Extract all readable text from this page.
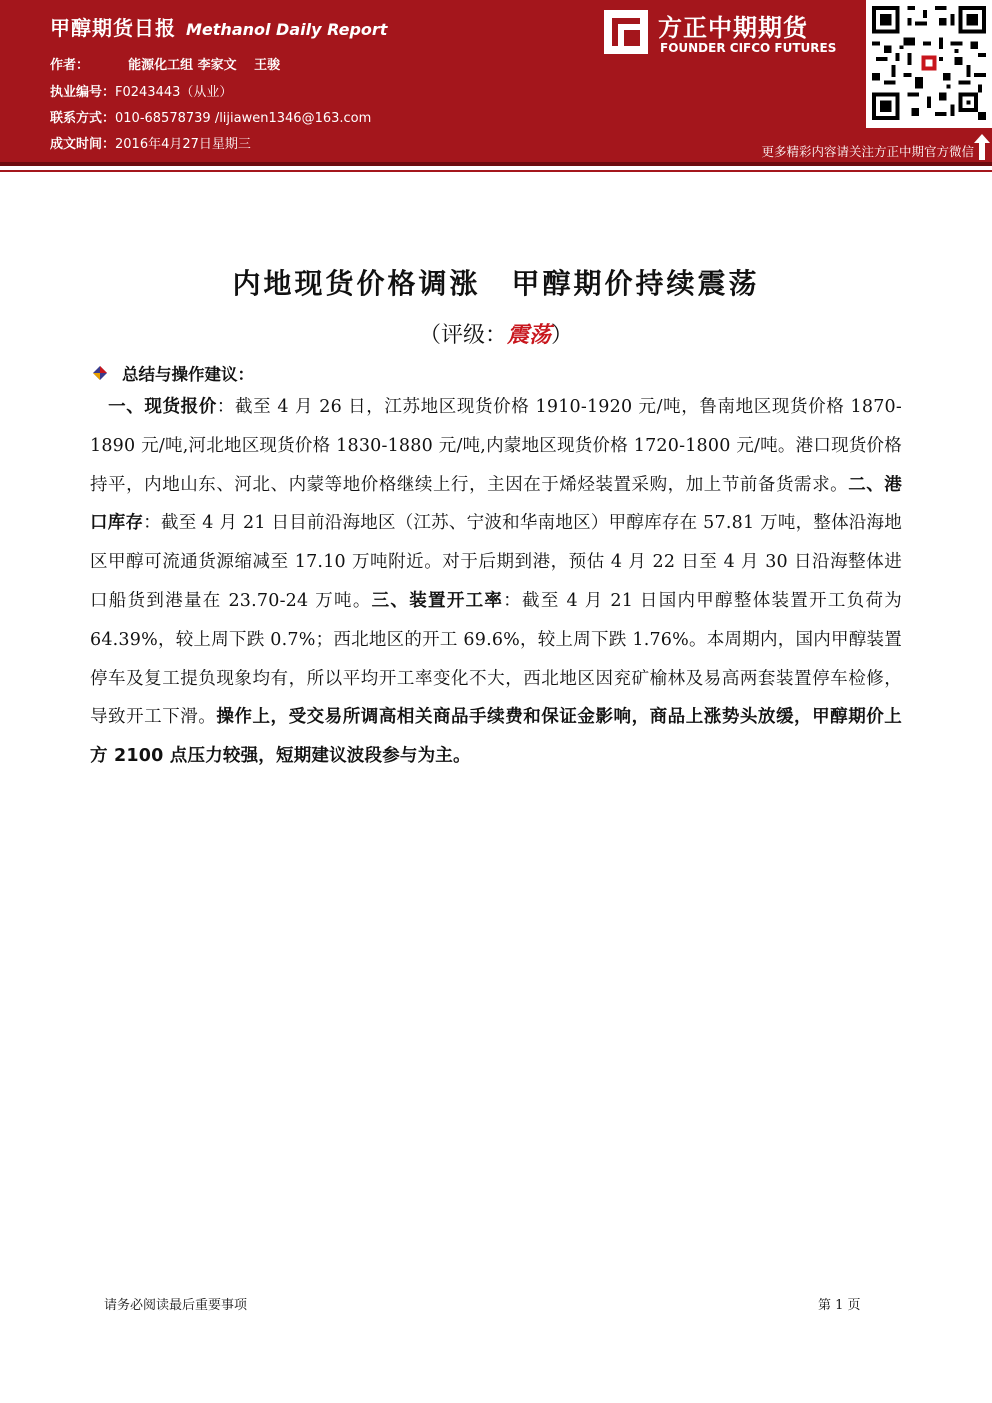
甲醇期货日报 Methanol Daily Report
作者：	能源化工组 李家文　 王骏
执业编号：F0243443（从业）
联系方式：010-68578739 /lijiawen1346@163.com
成文时间：2016年4月27日星期三
方正中期期货
FOUNDER CIFCO FUTURES
更多精彩内容请关注方正中期官方微信
内地现货价格调涨　甲醇期价持续震荡
（评级：震荡）
总结与操作建议：
　一、现货报价：截至 4 月 26 日，江苏地区现货价格 1910-1920 元/吨，鲁南地区现货价格 1870- 1890 元/吨,河北地区现货价格 1830-1880 元/吨,内蒙地区现货价格 1720-1800 元/吨。港口现货价格持平，内地山东、河北、内蒙等地价格继续上行，主因在于烯烃装置采购，加上节前备货需求。二、港口库存：截至 4 月 21 日目前沿海地区（江苏、宁波和华南地区）甲醇库存在 57.81 万吨，整体沿海地区甲醇可流通货源缩减至 17.10 万吨附近。对于后期到港，预估 4 月 22 日至 4 月 30 日沿海整体进口船货到港量在 23.70-24 万吨。三、装置开工率：截至 4 月 21 日国内甲醇整体装置开工负荷为 64.39%，较上周下跌 0.7%；西北地区的开工 69.6%，较上周下跌 1.76%。本周期内，国内甲醇装置停车及复工提负现象均有，所以平均开工率变化不大，西北地区因兖矿榆林及易高两套装置停车检修，导致开工下滑。操作上，受交易所调高相关商品手续费和保证金影响，商品上涨势头放缓，甲醇期价上方 2100 点压力较强，短期建议波段参与为主。
请务必阅读最后重要事项	第 1 页
